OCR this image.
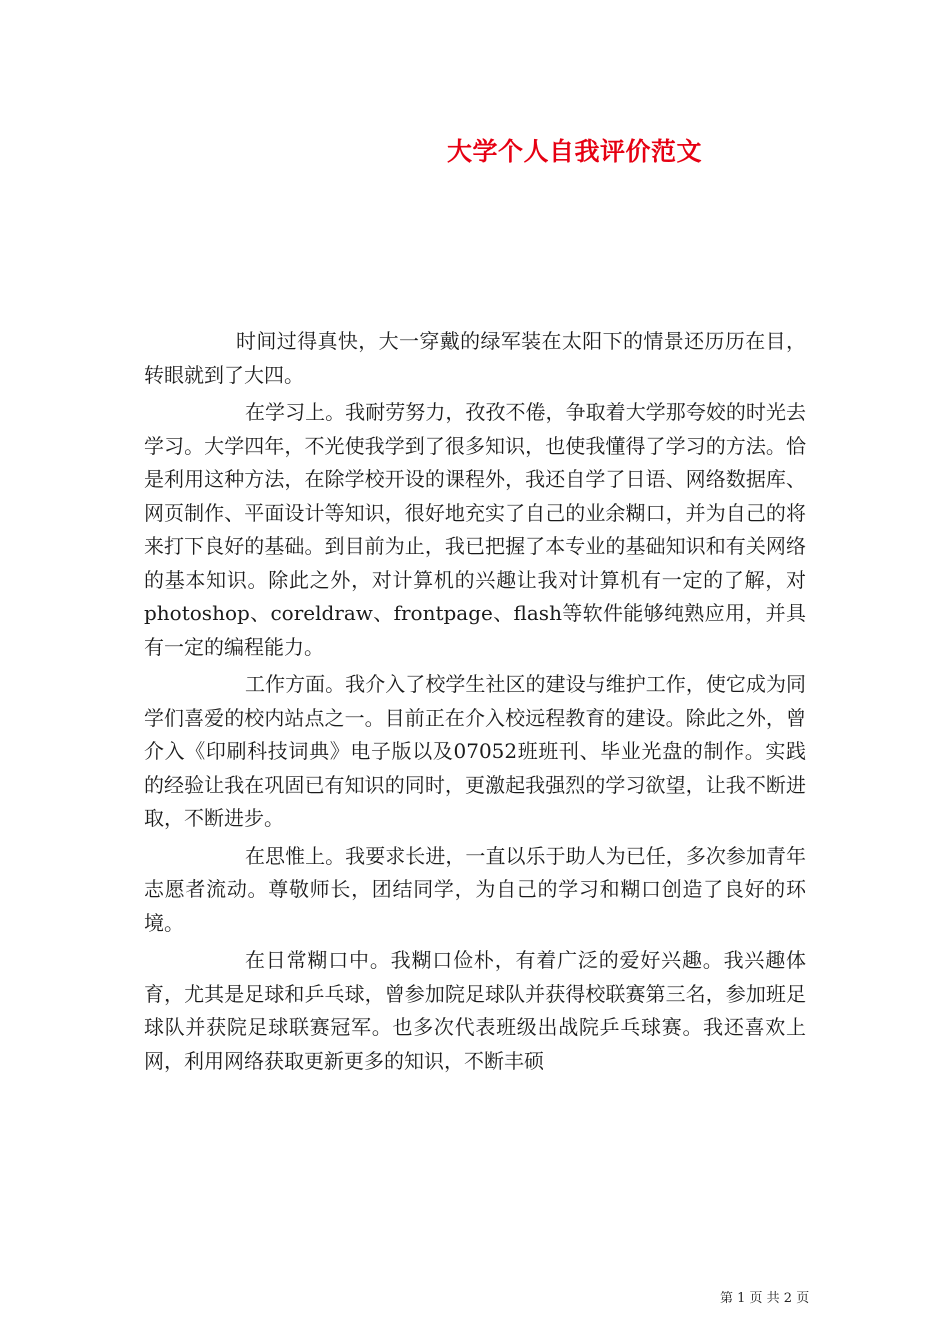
大学个人自我评价范文

时间过得真快，大一穿戴的绿军装在太阳下的情景还历历在目，转眼就到了大四。

在学习上。我耐劳努力，孜孜不倦，争取着大学那夸姣的时光去学习。大学四年，不光使我学到了很多知识，也使我懂得了学习的方法。恰是利用这种方法，在除学校开设的课程外，我还自学了日语、网络数据库、网页制作、平面设计等知识，很好地充实了自己的业余糊口，并为自己的将来打下良好的基础。到目前为止，我已把握了本专业的基础知识和有关网络的基本知识。除此之外，对计算机的兴趣让我对计算机有一定的了解，对photoshop、coreldraw、frontpage、flash等软件能够纯熟应用，并具有一定的编程能力。

工作方面。我介入了校学生社区的建设与维护工作，使它成为同学们喜爱的校内站点之一。目前正在介入校远程教育的建设。除此之外，曾介入《印刷科技词典》电子版以及07052班班刊、毕业光盘的制作。实践的经验让我在巩固已有知识的同时，更激起我强烈的学习欲望，让我不断进取，不断进步。

在思惟上。我要求长进，一直以乐于助人为已任，多次参加青年志愿者流动。尊敬师长，团结同学，为自己的学习和糊口创造了良好的环境。

在日常糊口中。我糊口俭朴，有着广泛的爱好兴趣。我兴趣体育，尤其是足球和乒乓球，曾参加院足球队并获得校联赛第三名，参加班足球队并获院足球联赛冠军。也多次代表班级出战院乒乓球赛。我还喜欢上网，利用网络获取更新更多的知识，不断丰硕

第 1 页 共 2 页
